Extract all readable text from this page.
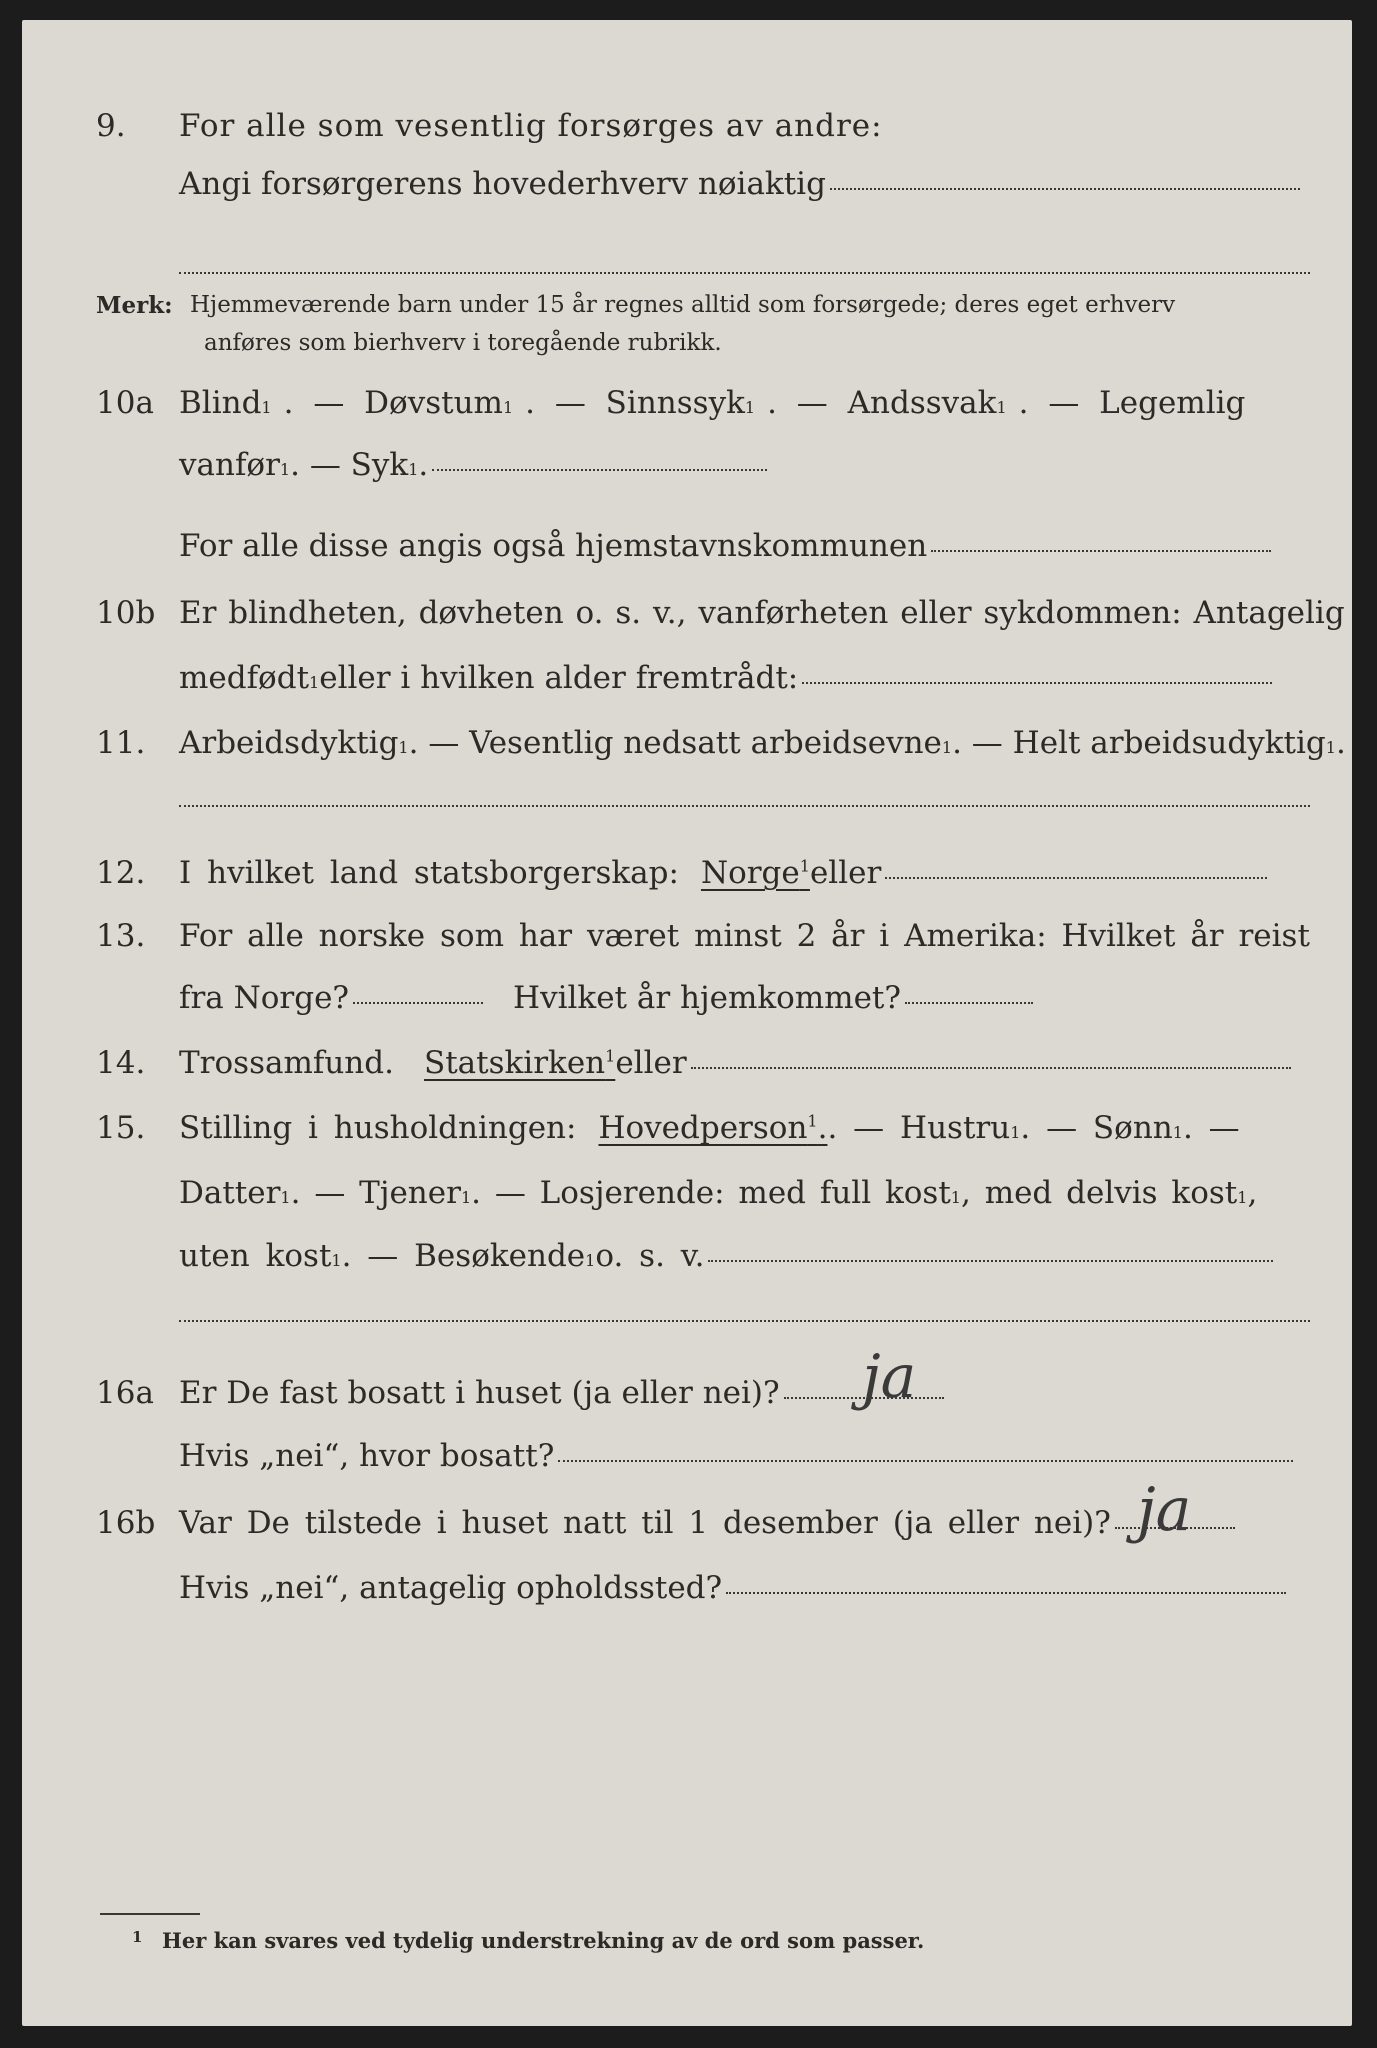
9. For alle som vesentlig forsørges av andre:
Angi forsørgerens hovederhverv nøiaktig
Merk: Hjemmeværende barn under 15 år regnes alltid som forsørgede; deres eget erhverv
anføres som bierhverv i toregående rubrikk.
10a Blind 1 . — Døvstum 1 . — Sinnssyk 1 . — Andssvak 1 . — Legemlig
vanfør 1 . — Syk 1 .
For alle disse angis også hjemstavnskommunen
10b Er blindheten, døvheten o. s. v., vanførheten eller sykdommen: Antagelig
medfødt 1 eller i hvilken alder fremtrådt:
11. Arbeidsdyktig 1 . — Vesentlig nedsatt arbeidsevne 1 . — Helt arbeidsudyktig 1 .
12. I hvilket land statsborgerskap: Norge$^1$ eller
13. For alle norske som har været minst 2 år i Amerika: Hvilket år reist
fra Norge?	Hvilket år hjemkommet?
14. Trossamfund. Statskirken$^1$ eller
15. Stilling i husholdningen: Hovedperson$^1$. . — Hustru 1 . — Sønn 1 . —
Datter 1 . — Tjener 1 . — Losjerende: med full kost 1 , med delvis kost 1 ,
uten kost 1 . — Besøkende 1 o. s. v.
16a Er De fast bosatt i huset (ja eller nei)? ja
Hvis „nei“, hvor bosatt?
16b Var De tilstede i huset natt til 1 desember (ja eller nei)? ja
Hvis „nei“, antagelig opholdssted?
1 Her kan svares ved tydelig understrekning av de ord som passer.
